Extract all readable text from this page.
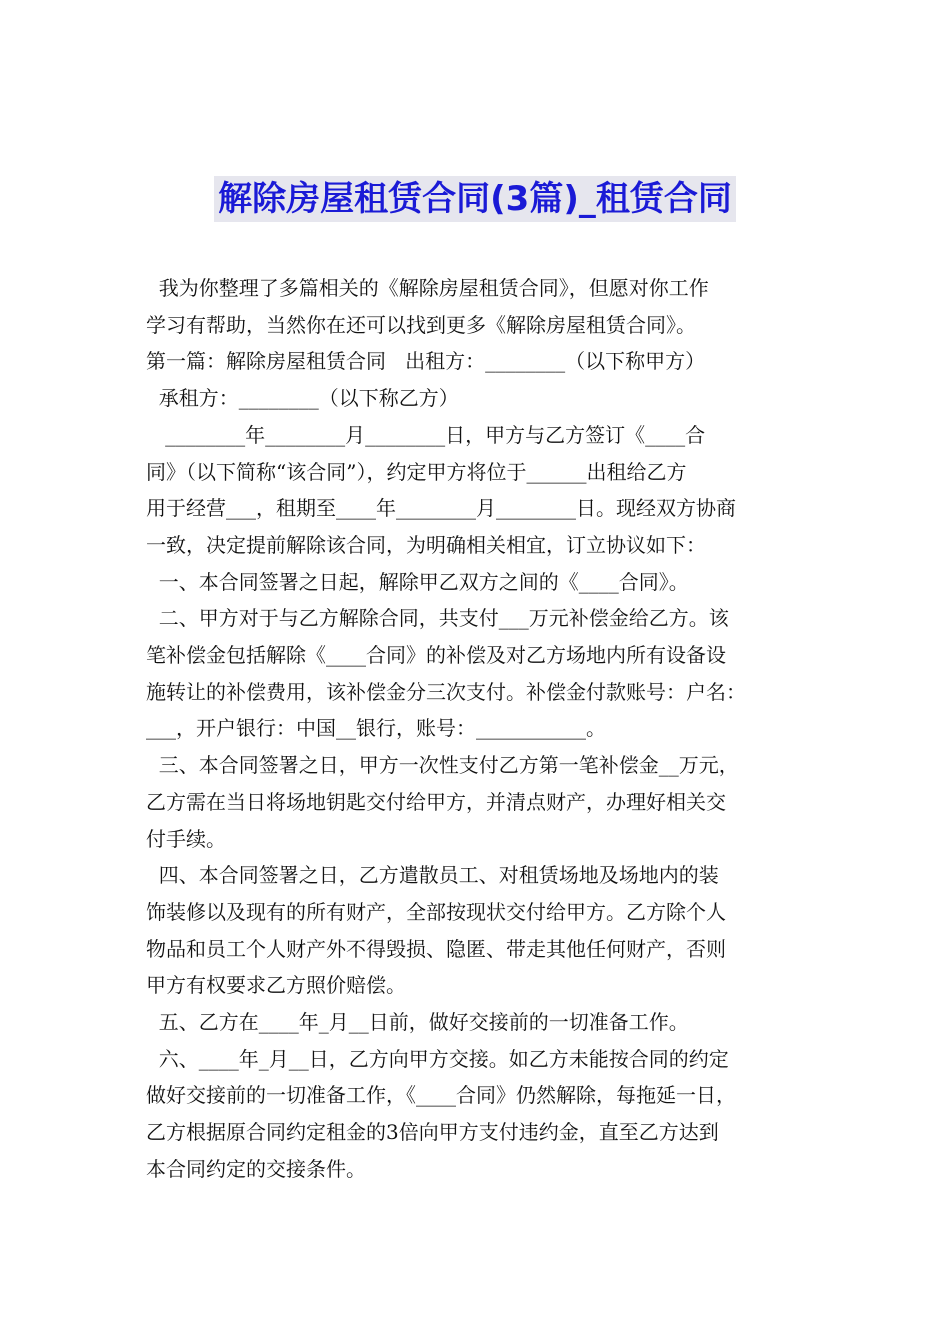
解除房屋租赁合同(3篇)_租赁合同
我为你整理了多篇相关的《解除房屋租赁合同》，但愿对你工作
学习有帮助，当然你在还可以找到更多《解除房屋租赁合同》。
第一篇：解除房屋租赁合同   出租方：________（以下称甲方）
承租方：________（以下称乙方）
________年________月________日，甲方与乙方签订《____合
同》（以下简称“该合同”），约定甲方将位于______出租给乙方
用于经营___，租期至____年________月________日。现经双方协商
一致，决定提前解除该合同，为明确相关相宜，订立协议如下：
一、本合同签署之日起，解除甲乙双方之间的《____合同》。
二、甲方对于与乙方解除合同，共支付___万元补偿金给乙方。该
笔补偿金包括解除《____合同》的补偿及对乙方场地内所有设备设
施转让的补偿费用，该补偿金分三次支付。补偿金付款账号：户名：
___，开户银行：中国__银行，账号：___________。
三、本合同签署之日，甲方一次性支付乙方第一笔补偿金__万元，
乙方需在当日将场地钥匙交付给甲方，并清点财产，办理好相关交
付手续。
四、本合同签署之日，乙方遣散员工、对租赁场地及场地内的装
饰装修以及现有的所有财产，全部按现状交付给甲方。乙方除个人
物品和员工个人财产外不得毁损、隐匿、带走其他任何财产，否则
甲方有权要求乙方照价赔偿。
五、乙方在____年_月__日前，做好交接前的一切准备工作。
六、____年_月__日，乙方向甲方交接。如乙方未能按合同的约定
做好交接前的一切准备工作，《____合同》仍然解除，每拖延一日，
乙方根据原合同约定租金的3倍向甲方支付违约金，直至乙方达到
本合同约定的交接条件。
